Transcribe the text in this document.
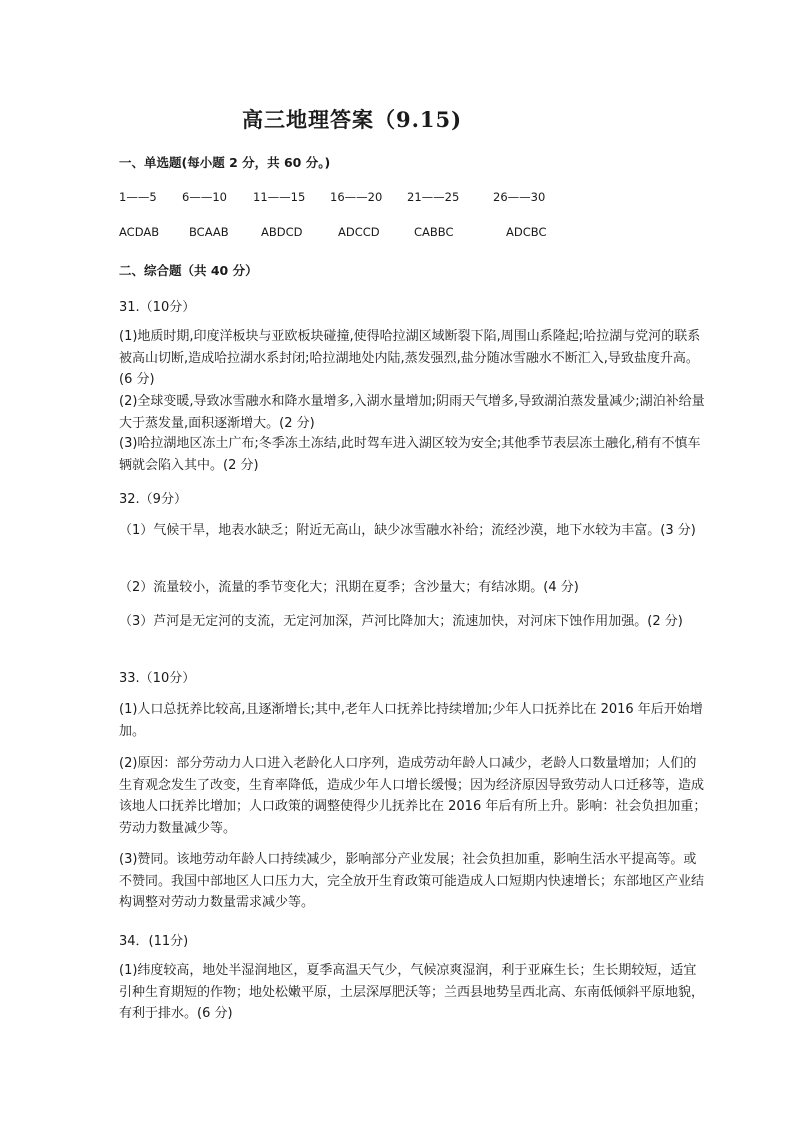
高三地理答案（9.15)
一、单选题(每小题 2 分，共 60 分。)
1——5 6——10 11——15 16——20 21——25	26——30
ACDAB	BCAAB	ABDCD	ADCCD	CABBC	ADCBC
二、综合题（共 40 分）
31.（10分）
(1)地质时期,印度洋板块与亚欧板块碰撞,使得哈拉湖区域断裂下陷,周围山系隆起;哈拉湖与党河的联系被高山切断,造成哈拉湖水系封闭;哈拉湖地处内陆,蒸发强烈,盐分随冰雪融水不断汇入,导致盐度升高。(6 分)
(2)全球变暖,导致冰雪融水和降水量增多,入湖水量增加;阴雨天气增多,导致湖泊蒸发量减少;湖泊补给量大于蒸发量,面积逐渐增大。(2 分)
(3)哈拉湖地区冻土广布;冬季冻土冻结,此时驾车进入湖区较为安全;其他季节表层冻土融化,稍有不慎车辆就会陷入其中。(2 分)
32.（9分）
（1）气候干旱，地表水缺乏；附近无高山，缺少冰雪融水补给；流经沙漠，地下水较为丰富。(3 分)
（2）流量较小，流量的季节变化大；汛期在夏季；含沙量大；有结冰期。(4 分)
（3）芦河是无定河的支流，无定河加深，芦河比降加大；流速加快，对河床下蚀作用加强。(2 分)
33.（10分）
(1)人口总抚养比较高,且逐渐增长;其中,老年人口抚养比持续增加;少年人口抚养比在 2016 年后开始增加。
(2)原因：部分劳动力人口进入老龄化人口序列，造成劳动年龄人口减少，老龄人口数量增加；人们的生育观念发生了改变，生育率降低，造成少年人口增长缓慢；因为经济原因导致劳动人口迁移等，造成该地人口抚养比增加；人口政策的调整使得少儿抚养比在 2016 年后有所上升。影响：社会负担加重；劳动力数量减少等。
(3)赞同。该地劳动年龄人口持续减少，影响部分产业发展；社会负担加重，影响生活水平提高等。或不赞同。我国中部地区人口压力大，完全放开生育政策可能造成人口短期内快速增长；东部地区产业结构调整对劳动力数量需求减少等。
34．(11分)
(1)纬度较高，地处半湿润地区，夏季高温天气少，气候凉爽湿润，利于亚麻生长；生长期较短，适宜引种生育期短的作物；地处松嫩平原，土层深厚肥沃等；兰西县地势呈西北高、东南低倾斜平原地貌，有利于排水。(6 分)
